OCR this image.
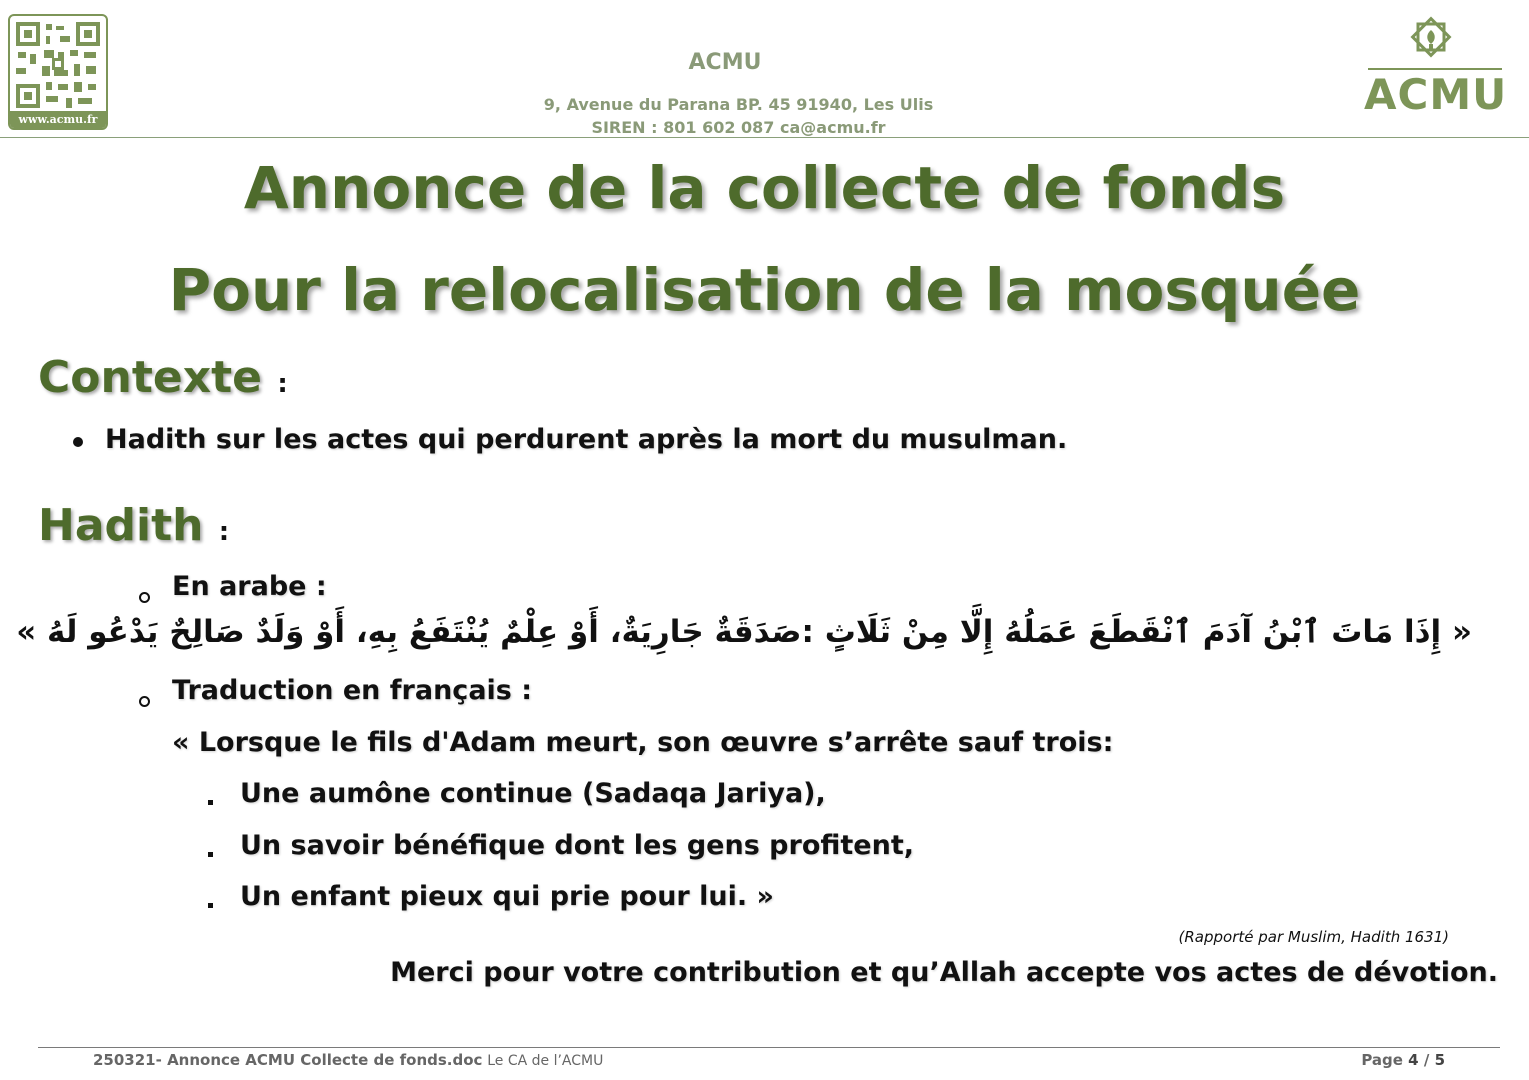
www.acmu.fr
ACMU
9, Avenue du Parana BP. 45 91940, Les Ulis
SIREN : 801 602 087 ca@acmu.fr
ACMU
Annonce de la collecte de fonds
Pour la relocalisation de la mosquée
Contexte :
Hadith sur les actes qui perdurent après la mort du musulman.
Hadith :
En arabe :
« إِذَا مَاتَ ٱبْنُ آدَمَ ٱنْقَطَعَ عَمَلُهُ إِلَّا مِنْ ثَلَاثٍ :صَدَقَةٌ جَارِيَةٌ، أَوْ عِلْمٌ يُنْتَفَعُ بِهِ، أَوْ وَلَدٌ صَالِحٌ يَدْعُو لَهُ »
Traduction en français :
« Lorsque le fils d'Adam meurt, son œuvre s’arrête sauf trois:
Une aumône continue (Sadaqa Jariya),
Un savoir bénéfique dont les gens profitent,
Un enfant pieux qui prie pour lui. »
(Rapporté par Muslim, Hadith 1631)
Merci pour votre contribution et qu’Allah accepte vos actes de dévotion.
250321- Annonce ACMU Collecte de fonds.doc Le CA de l’ACMU	Page 4 / 5
